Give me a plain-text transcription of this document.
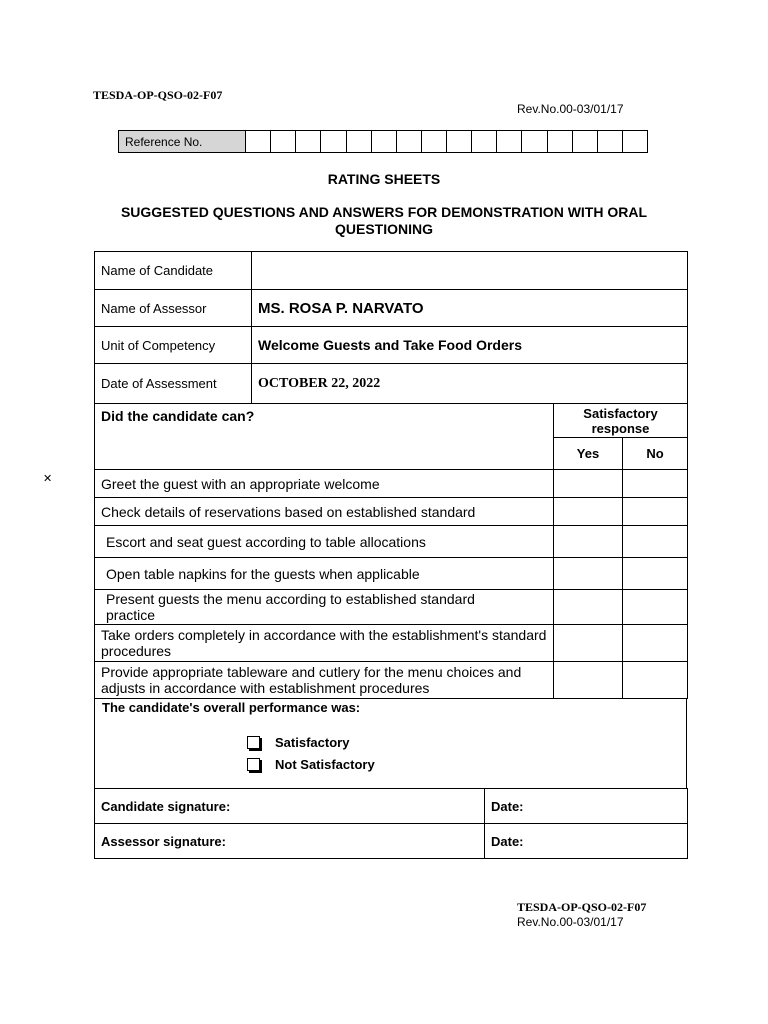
TESDA-OP-QSO-02-F07
Rev.No.00-03/01/17
Reference No.
RATING SHEETS
SUGGESTED QUESTIONS AND ANSWERS FOR DEMONSTRATION WITH ORAL QUESTIONING
Name of Candidate			
Name of Assessor	MS. ROSA P. NARVATO		
Unit of Competency	Welcome Guests and Take Food Orders		
Date of Assessment	OCTOBER 22, 2022		
Did the candidate can?		Satisfactory response	
		Yes	No
Greet the guest with an appropriate welcome			
Check details of reservations based on established standard			
Escort and seat guest according to table allocations			
Open table napkins for the guests when applicable			
Present guests the menu according to established standard practice			
Take orders completely in accordance with the establishment's standard procedures			
Provide appropriate tableware and cutlery for the menu choices and adjusts in accordance with establishment procedures			
✕
The candidate's overall performance was:
Satisfactory
Not Satisfactory
Candidate signature:	Date:
Assessor signature:	Date:
TESDA-OP-QSO-02-F07
Rev.No.00-03/01/17
